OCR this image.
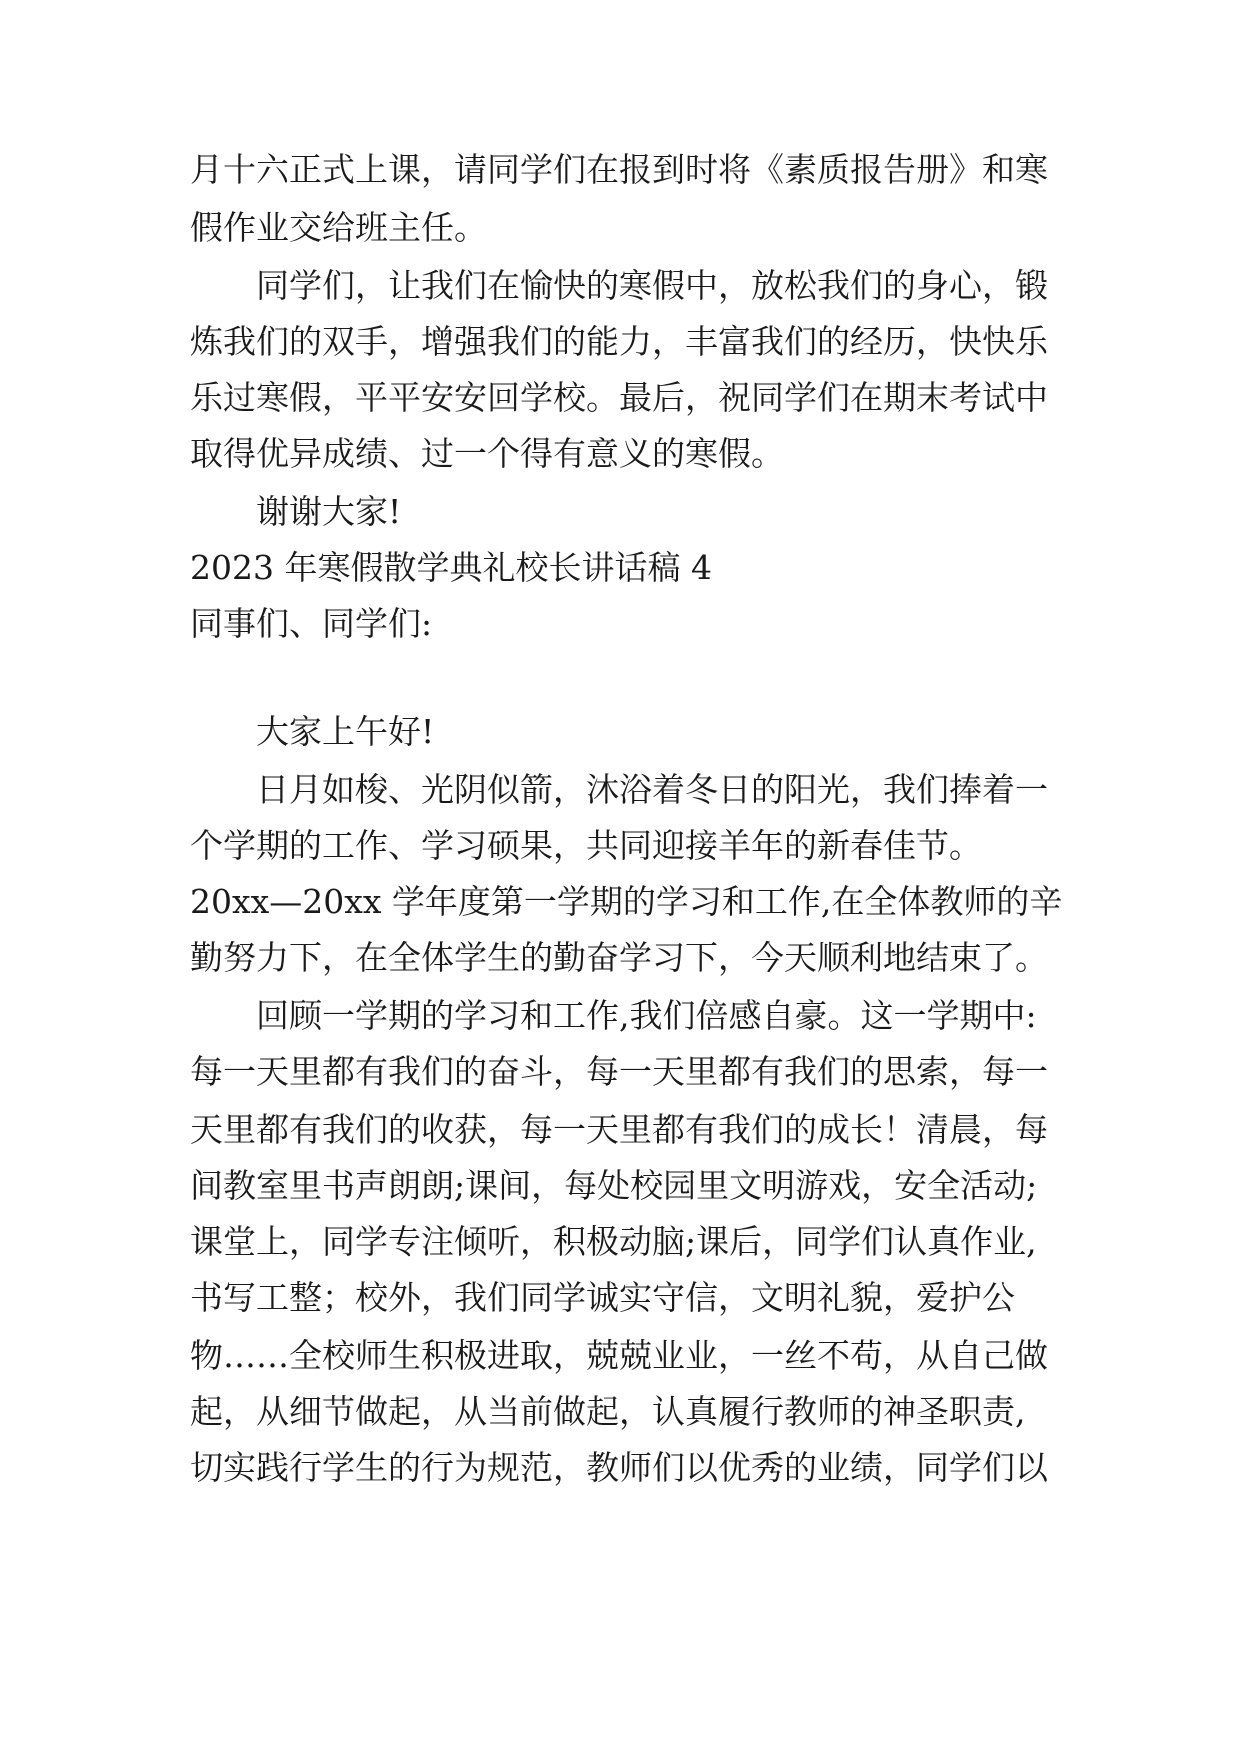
月十六正式上课，请同学们在报到时将《素质报告册》和寒
假作业交给班主任。
同学们，让我们在愉快的寒假中，放松我们的身心，锻
炼我们的双手，增强我们的能力，丰富我们的经历，快快乐
乐过寒假，平平安安回学校。最后，祝同学们在期末考试中
取得优异成绩、过一个得有意义的寒假。
谢谢大家!
2023 年寒假散学典礼校长讲话稿 4
同事们、同学们:
大家上午好!
日月如梭、光阴似箭，沐浴着冬日的阳光，我们捧着一
个学期的工作、学习硕果，共同迎接羊年的新春佳节。
20xx—20xx 学年度第一学期的学习和工作,在全体教师的辛
勤努力下，在全体学生的勤奋学习下，今天顺利地结束了。
回顾一学期的学习和工作,我们倍感自豪。这一学期中:
每一天里都有我们的奋斗，每一天里都有我们的思索，每一
天里都有我们的收获，每一天里都有我们的成长！清晨，每
间教室里书声朗朗;课间，每处校园里文明游戏，安全活动;
课堂上，同学专注倾听，积极动脑;课后，同学们认真作业,
书写工整；校外，我们同学诚实守信，文明礼貌，爱护公
物……全校师生积极进取，兢兢业业，一丝不苟，从自己做
起，从细节做起，从当前做起，认真履行教师的神圣职责,
切实践行学生的行为规范，教师们以优秀的业绩，同学们以
